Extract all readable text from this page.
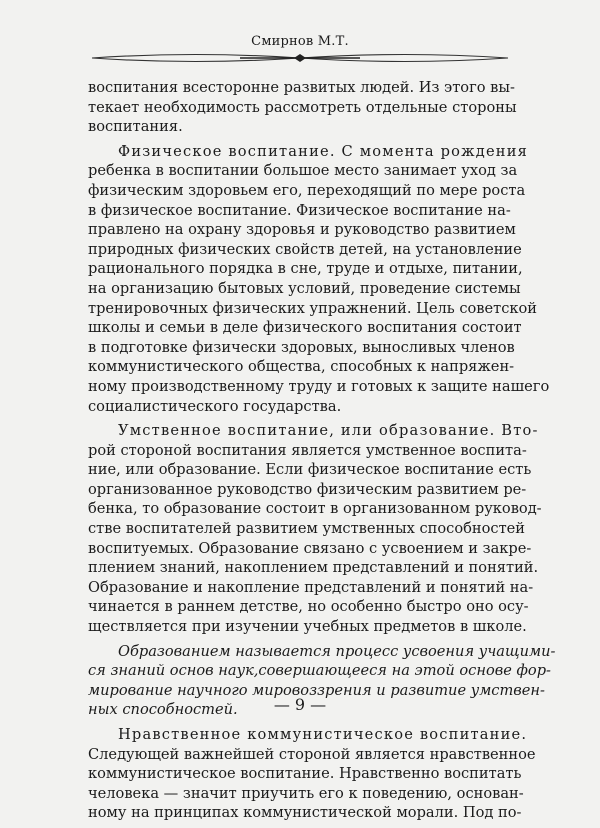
Смирнов М.Т.
воспитания всесторонне развитых людей. Из этого вы-
текает необходимость рассмотреть отдельные стороны
воспитания.
Физическое воспитание. С момента рождения
ребенка в воспитании большое место занимает уход за
физическим здоровьем его, переходящий по мере роста
в физическое воспитание. Физическое воспитание на-
правлено на охрану здоровья и руководство развитием
природных физических свойств детей, на установление
рационального порядка в сне, труде и отдыхе, питании,
на организацию бытовых условий, проведение системы
тренировочных физических упражнений. Цель советской
школы и семьи в деле физического воспитания состоит
в подготовке физически здоровых, выносливых членов
коммунистического общества, способных к напряжен-
ному производственному труду и готовых к защите нашего
социалистического государства.
Умственное воспитание, или образование. Вто-
рой стороной воспитания является умственное воспита-
ние, или образование. Если физическое воспитание есть
организованное руководство физическим развитием ре-
бенка, то образование состоит в организованном руковод-
стве воспитателей развитием умственных способностей
воспитуемых. Образование связано с усвоением и закре-
плением знаний, накоплением представлений и понятий.
Образование и накопление представлений и понятий на-
чинается в раннем детстве, но особенно быстро оно осу-
ществляется при изучении учебных предметов в школе.
Образованием называется процесс усвоения учащими-
ся знаний основ наук,совершающееся на этой основе фор-
мирование научного мировоззрения и развитие умствен-
ных способностей.
Нравственное коммунистическое воспитание.
Следующей важнейшей стороной является нравственное
коммунистическое воспитание. Нравственно воспитать
человека — значит приучить его к поведению, основан-
ному на принципах коммунистической морали. Под по-
— 9 —
